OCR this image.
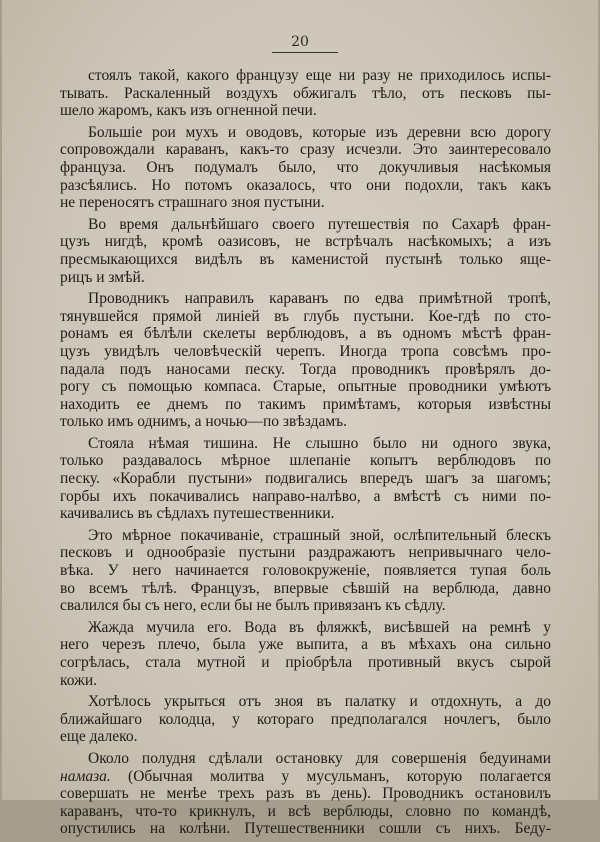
20
стоялъ такой, какого французу еще ни разу не приходилось испы-
тывать. Раскаленный воздухъ обжигалъ тѣло, отъ песковъ пы-
шело жаромъ, какъ изъ огненной печи.
Большіе рои мухъ и оводовъ, которые изъ деревни всю дорогу
сопровождали караванъ, какъ-то сразу исчезли. Это заинтересовало
француза. Онъ подумалъ было, что докучливыя насѣкомыя
разсѣялись. Но потомъ оказалось, что они подохли, такъ какъ
не переносятъ страшнаго зноя пустыни.
Во время дальнѣйшаго своего путешествія по Сахарѣ фран-
цузъ нигдѣ, кромѣ оазисовъ, не встрѣчалъ насѣкомыхъ; а изъ
пресмыкающихся видѣлъ въ каменистой пустынѣ только яще-
рицъ и змѣй.
Проводникъ направилъ караванъ по едва примѣтной тропѣ,
тянувшейся прямой линіей въ глубь пустыни. Кое-гдѣ по сто-
ронамъ ея бѣлѣли скелеты верблюдовъ, а въ одномъ мѣстѣ фран-
цузъ увидѣлъ человѣческій черепъ. Иногда тропа совсѣмъ про-
падала подъ наносами песку. Тогда проводникъ провѣрялъ до-
рогу съ помощью компаса. Старые, опытные проводники умѣютъ
находить ее днемъ по такимъ примѣтамъ, которыя извѣстны
только имъ однимъ, а ночью—по звѣздамъ.
Стояла нѣмая тишина. Не слышно было ни одного звука,
только раздавалось мѣрное шлепаніе копытъ верблюдовъ по
песку. «Корабли пустыни» подвигались впередъ шагъ за шагомъ;
горбы ихъ покачивались направо-налѣво, а вмѣстѣ съ ними по-
качивались въ сѣдлахъ путешественники.
Это мѣрное покачиваніе, страшный зной, ослѣпительный блескъ
песковъ и однообразіе пустыни раздражаютъ непривычнаго чело-
вѣка. У него начинается головокруженіе, появляется тупая боль
во всемъ тѣлѣ. Французъ, впервые сѣвшій на верблюда, давно
свалился бы съ него, если бы не былъ привязанъ къ сѣдлу.
Жажда мучила его. Вода въ фляжкѣ, висѣвшей на ремнѣ у
него черезъ плечо, была уже выпита, а въ мѣхахъ она сильно
согрѣлась, стала мутной и пріобрѣла противный вкусъ сырой
кожи.
Хотѣлось укрыться отъ зноя въ палатку и отдохнуть, а до
ближайшаго колодца, у котораго предполагался ночлегъ, было
еще далеко.
Около полудня сдѣлали остановку для совершенія бедуинами
намаза. (Обычная молитва у мусульманъ, которую полагается
совершать не менѣе трехъ разъ въ день). Проводникъ остановилъ
караванъ, что-то крикнулъ, и всѣ верблюды, словно по командѣ,
опустились на колѣни. Путешественники сошли съ нихъ. Беду-
